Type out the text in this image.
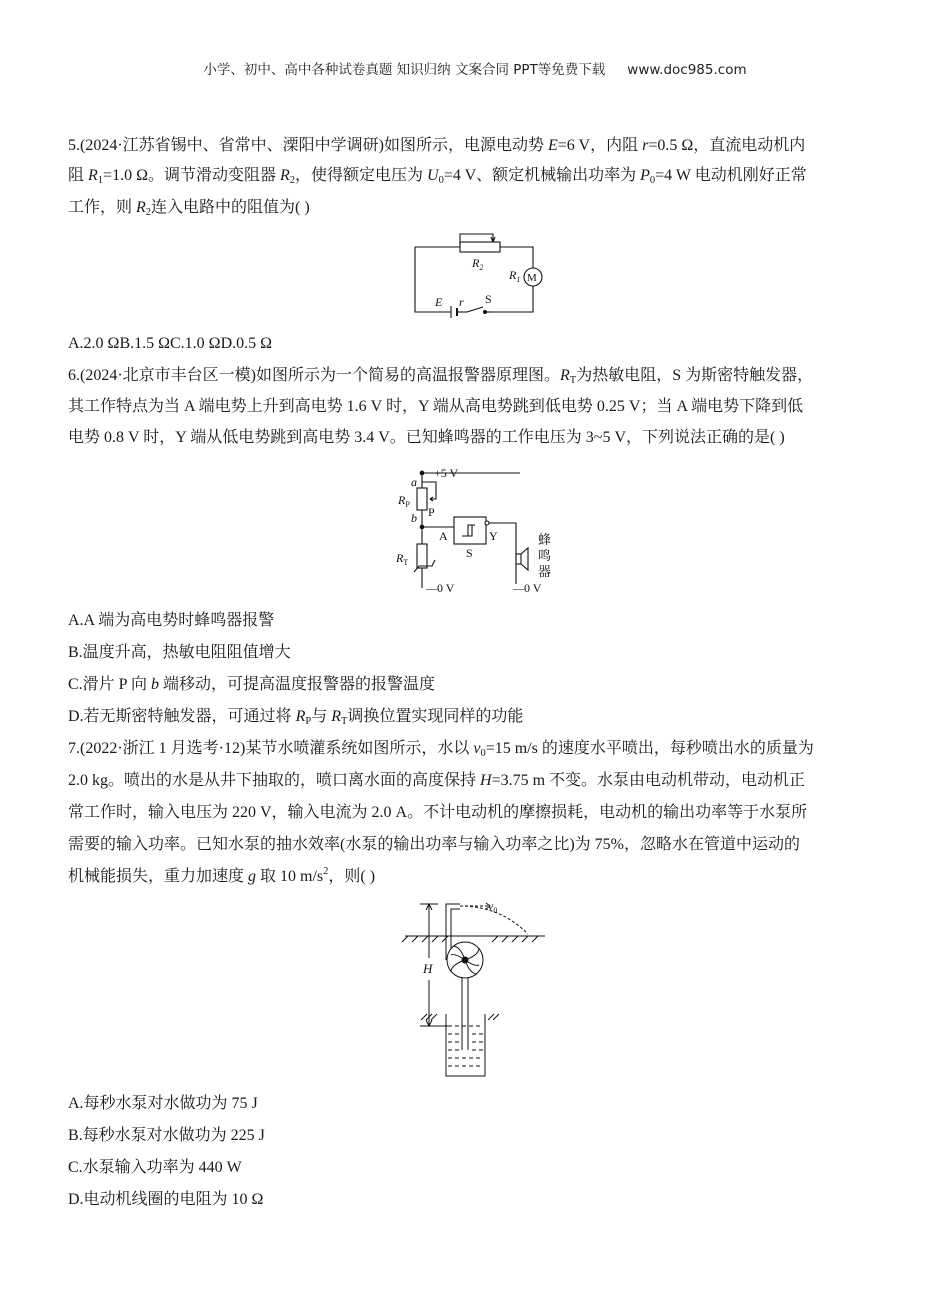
小学、初中、高中各种试卷真题 知识归纳 文案合同 PPT等免费下载 www.doc985.com
5.(2024·江苏省锡中、省常中、溧阳中学调研)如图所示，电源电动势 E=6 V，内阻 r=0.5 Ω，直流电动机内
阻 $R_1=1.0$ Ω。调节滑动变阻器 $R_2$，使得额定电压为 $U_0=4$ V、额定机械输出功率为 $P_0=4$ W 电动机刚好正常
工作，则 $R_2$连入电路中的阻值为( )
$R_2$
$R_1$ M
E r S
A.2.0 ΩB.1.5 ΩC.1.0 ΩD.0.5 Ω
6.(2024·北京市丰台区一模)如图所示为一个简易的高温报警器原理图。$R_T$为热敏电阻，S 为斯密特触发器，
其工作特点为当 A 端电势上升到高电势 1.6 V 时，Y 端从高电势跳到低电势 0.25 V；当 A 端电势下降到低
电势 0.8 V 时，Y 端从低电势跳到高电势 3.4 V。已知蜂鸣器的工作电压为 3~5 V，下列说法正确的是( )
+5 V
a
$R_P$
P
b
A
S
Y
$R_T$
—0 V	—0 V
蜂
鸣
器
A.A 端为高电势时蜂鸣器报警
B.温度升高，热敏电阻阻值增大
C.滑片 P 向 b 端移动，可提高温度报警器的报警温度
D.若无斯密特触发器，可通过将 $R_P$与 $R_T$调换位置实现同样的功能
7.(2022·浙江 1 月选考·12)某节水喷灌系统如图所示，水以 $v_0=15$ m/s 的速度水平喷出，每秒喷出水的质量为
2.0 kg。喷出的水是从井下抽取的，喷口离水面的高度保持 H=3.75 m 不变。水泵由电动机带动，电动机正
常工作时，输入电压为 220 V，输入电流为 2.0 A。不计电动机的摩擦损耗，电动机的输出功率等于水泵所
需要的输入功率。已知水泵的抽水效率(水泵的输出功率与输入功率之比)为 75%，忽略水在管道中运动的
机械能损失，重力加速度 g 取 10 $m/s^2$，则( )
$v_0$
H
A.每秒水泵对水做功为 75 J
B.每秒水泵对水做功为 225 J
C.水泵输入功率为 440 W
D.电动机线圈的电阻为 10 Ω
